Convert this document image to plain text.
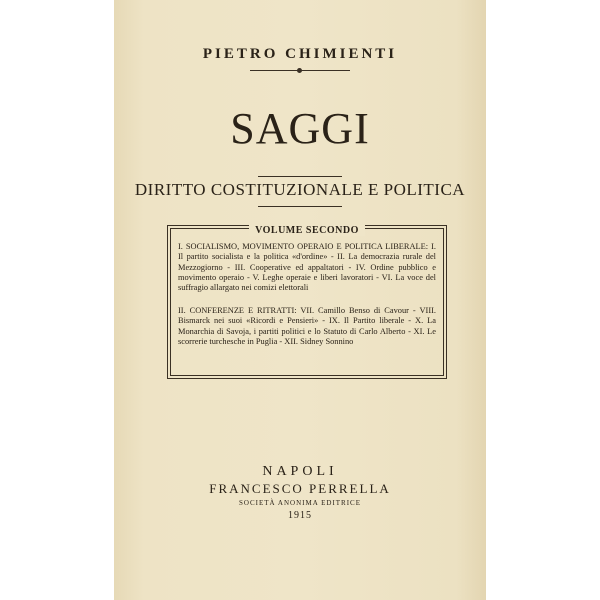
PIETRO CHIMIENTI
SAGGI
DIRITTO COSTITUZIONALE E POLITICA
VOLUME SECONDO

I. SOCIALISMO, MOVIMENTO OPERAIO E POLITICA LIBERALE: I. Il partito socialista e la politica «d'ordine» - II. La democrazia rurale del Mezzogiorno - III. Cooperative ed appaltatori - IV. Ordine pubblico e movimento operaio - V. Leghe operaie e liberi lavoratori - VI. La voce del suffragio allargato nei comizi elettorali

II. CONFERENZE E RITRATTI: VII. Camillo Benso di Cavour - VIII. Bismarck nei suoi «Ricordi e Pensieri» - IX. Il Partito liberale - X. La Monarchia di Savoja, i partiti politici e lo Statuto di Carlo Alberto - XI. Le scorrerie turchesche in Puglia - XII. Sidney Sonnino

NAPOLI
FRANCESCO PERRELLA
SOCIETÀ ANONIMA EDITRICE
1915
